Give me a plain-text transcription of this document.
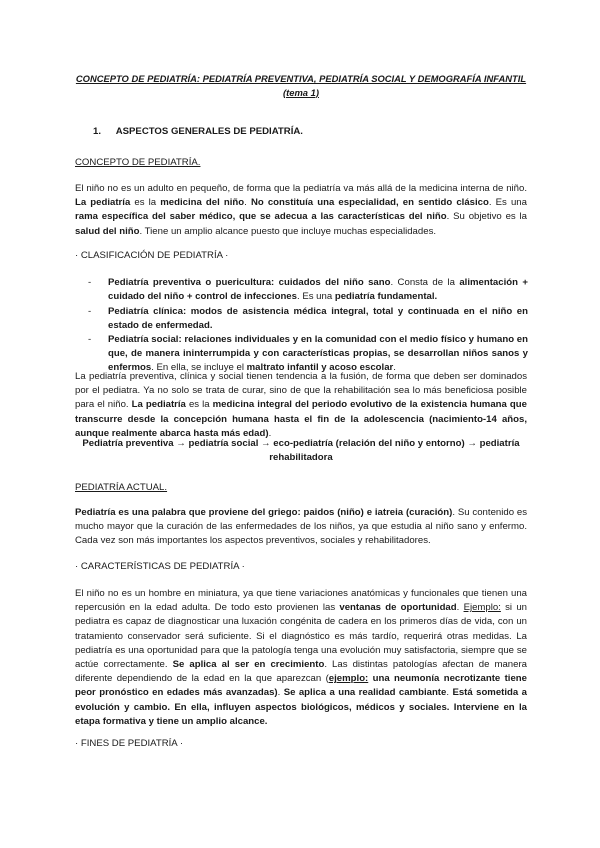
CONCEPTO DE PEDIATRÍA: PEDIATRÍA PREVENTIVA, PEDIATRÍA SOCIAL Y DEMOGRAFÍA INFANTIL
(tema 1)

1. ASPECTOS GENERALES DE PEDIATRÍA.
CONCEPTO DE PEDIATRÍA.

El niño no es un adulto en pequeño, de forma que la pediatría va más allá de la medicina interna de niño. La pediatría es la medicina del niño. No constituía una especialidad, en sentido clásico. Es una rama específica del saber médico, que se adecua a las características del niño. Su objetivo es la salud del niño. Tiene un amplio alcance puesto que incluye muchas especialidades.

· CLASIFICACIÓN DE PEDIATRÍA ·
- Pediatría preventiva o puericultura: cuidados del niño sano. Consta de la alimentación + cuidado del niño + control de infecciones. Es una pediatría fundamental.
- Pediatría clínica: modos de asistencia médica integral, total y continuada en el niño en estado de enfermedad.
- Pediatría social: relaciones individuales y en la comunidad con el medio físico y humano en que, de manera ininterrumpida y con características propias, se desarrollan niños sanos y enfermos. En ella, se incluye el maltrato infantil y acoso escolar.

La pediatría preventiva, clínica y social tienen tendencia a la fusión, de forma que deben ser dominados por el pediatra. Ya no solo se trata de curar, sino de que la rehabilitación sea lo más beneficiosa posible para el niño. La pediatría es la medicina integral del periodo evolutivo de la existencia humana que transcurre desde la concepción humana hasta el fin de la adolescencia (nacimiento-14 años, aunque realmente abarca hasta más edad).

Pediatría preventiva → pediatría social → eco-pediatría (relación del niño y entorno) → pediatría rehabilitadora

PEDIATRÍA ACTUAL.

Pediatría es una palabra que proviene del griego: paidos (niño) e iatreia (curación). Su contenido es mucho mayor que la curación de las enfermedades de los niños, ya que estudia al niño sano y enfermo. Cada vez son más importantes los aspectos preventivos, sociales y rehabilitadores.

· CARACTERÍSTICAS DE PEDIATRÍA ·

El niño no es un hombre en miniatura, ya que tiene variaciones anatómicas y funcionales que tienen una repercusión en la edad adulta. De todo esto provienen las ventanas de oportunidad. Ejemplo: si un pediatra es capaz de diagnosticar una luxación congénita de cadera en los primeros días de vida, con un tratamiento conservador será suficiente. Si el diagnóstico es más tardío, requerirá otras medidas. La pediatría es una oportunidad para que la patología tenga una evolución muy satisfactoria, siempre que se actúe correctamente. Se aplica al ser en crecimiento. Las distintas patologías afectan de manera diferente dependiendo de la edad en la que aparezcan (ejemplo: una neumonía necrotizante tiene peor pronóstico en edades más avanzadas). Se aplica a una realidad cambiante. Está sometida a evolución y cambio. En ella, influyen aspectos biológicos, médicos y sociales. Interviene en la etapa formativa y tiene un amplio alcance.

· FINES DE PEDIATRÍA ·
